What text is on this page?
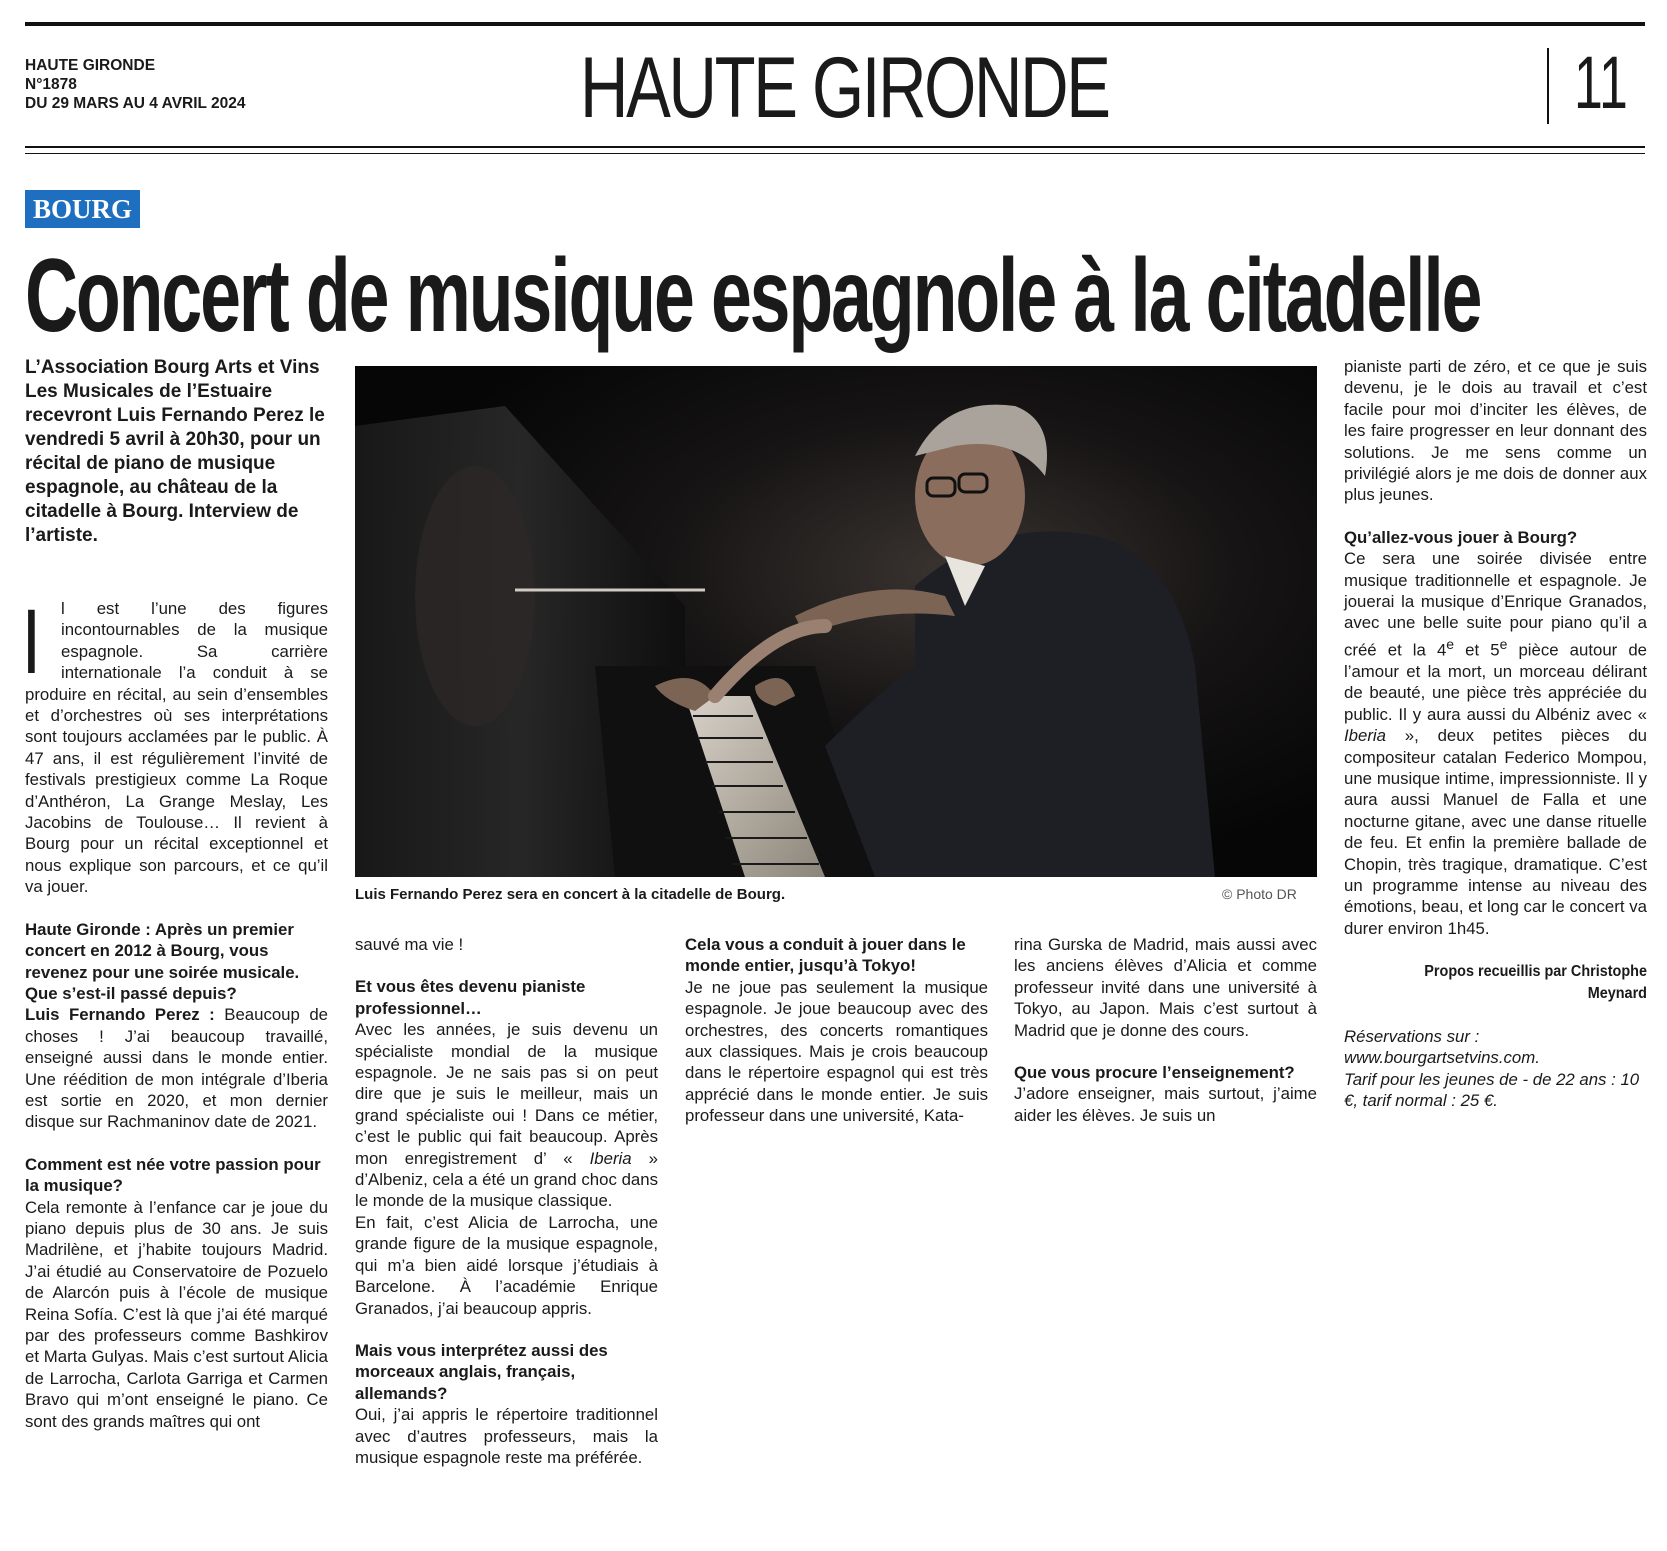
HAUTE GIRONDE
N°1878
DU 29 MARS AU 4 AVRIL 2024	HAUTE GIRONDE	11
BOURG
Concert de musique espagnole à la citadelle
L’Association Bourg Arts et Vins Les Musicales de l’Estuaire recevront Luis Fernando Perez le vendredi 5 avril à 20h30, pour un récital de piano de musique espagnole, au château de la citadelle à Bourg. Interview de l’artiste.

I l est l’une des figures incontournables de la musique espagnole. Sa carrière internationale l’a conduit à se produire en récital, au sein d’ensembles et d’orchestres où ses interprétations sont toujours acclamées par le public. À 47 ans, il est régulièrement l’invité de festivals prestigieux comme La Roque d’Anthéron, La Grange Meslay, Les Jacobins de Toulouse… Il revient à Bourg pour un récital exceptionnel et nous explique son parcours, et ce qu’il va jouer.

Haute Gironde : Après un premier concert en 2012 à Bourg, vous revenez pour une soirée musicale. Que s’est-il passé depuis?

Luis Fernando Perez : Beaucoup de choses ! J’ai beaucoup travaillé, enseigné aussi dans le monde entier. Une réédition de mon intégrale d’Iberia est sortie en 2020, et mon dernier disque sur Rachmaninov date de 2021.

Comment est née votre passion pour la musique?

Cela remonte à l’enfance car je joue du piano depuis plus de 30 ans. Je suis Madrilène, et j’habite toujours Madrid. J’ai étudié au Conservatoire de Pozuelo de Alarcón puis à l’école de musique Reina Sofía. C’est là que j’ai été marqué par des professeurs comme Bashkirov et Marta Gulyas. Mais c’est surtout Alicia de Larrocha, Carlota Garriga et Carmen Bravo qui m’ont enseigné le piano. Ce sont des grands maîtres qui ont

Luis Fernando Perez sera en concert à la citadelle de Bourg.	© Photo DR

sauvé ma vie !

Et vous êtes devenu pianiste professionnel…

Avec les années, je suis devenu un spécialiste mondial de la musique espagnole. Je ne sais pas si on peut dire que je suis le meilleur, mais un grand spécialiste oui ! Dans ce métier, c’est le public qui fait beaucoup. Après mon enregistrement d’ « Iberia » d’Albeniz, cela a été un grand choc dans le monde de la musique classique.

En fait, c’est Alicia de Larrocha, une grande figure de la musique espagnole, qui m’a bien aidé lorsque j’étudiais à Barcelone. À l’académie Enrique Granados, j’ai beaucoup appris.

Mais vous interprétez aussi des morceaux anglais, français, allemands?

Oui, j’ai appris le répertoire traditionnel avec d’autres professeurs, mais la musique espagnole reste ma préférée.

Cela vous a conduit à jouer dans le monde entier, jusqu’à Tokyo!

Je ne joue pas seulement la musique espagnole. Je joue beaucoup avec des orchestres, des concerts romantiques aux classiques. Mais je crois beaucoup dans le répertoire espagnol qui est très apprécié dans le monde entier. Je suis professeur dans une université, Kata-

rina Gurska de Madrid, mais aussi avec les anciens élèves d’Alicia et comme professeur invité dans une université à Tokyo, au Japon. Mais c’est surtout à Madrid que je donne des cours.

Que vous procure l’enseignement?

J’adore enseigner, mais surtout, j’aime aider les élèves. Je suis un

pianiste parti de zéro, et ce que je suis devenu, je le dois au travail et c’est facile pour moi d’inciter les élèves, de les faire progresser en leur donnant des solutions. Je me sens comme un privilégié alors je me dois de donner aux plus jeunes.

Qu’allez-vous jouer à Bourg?

Ce sera une soirée divisée entre musique traditionnelle et espagnole. Je jouerai la musique d’Enrique Granados, avec une belle suite pour piano qu’il a créé et la 4e et 5e pièce autour de l’amour et la mort, un morceau délirant de beauté, une pièce très appréciée du public. Il y aura aussi du Albéniz avec « Iberia », deux petites pièces du compositeur catalan Federico Mompou, une musique intime, impressionniste. Il y aura aussi Manuel de Falla et une nocturne gitane, avec une danse rituelle de feu. Et enfin la première ballade de Chopin, très tragique, dramatique. C’est un programme intense au niveau des émotions, beau, et long car le concert va durer environ 1h45.

Propos recueillis par Christophe Meynard

Réservations sur : www.bourgartsetvins.com.

Tarif pour les jeunes de - de 22 ans : 10 €, tarif normal : 25 €.
